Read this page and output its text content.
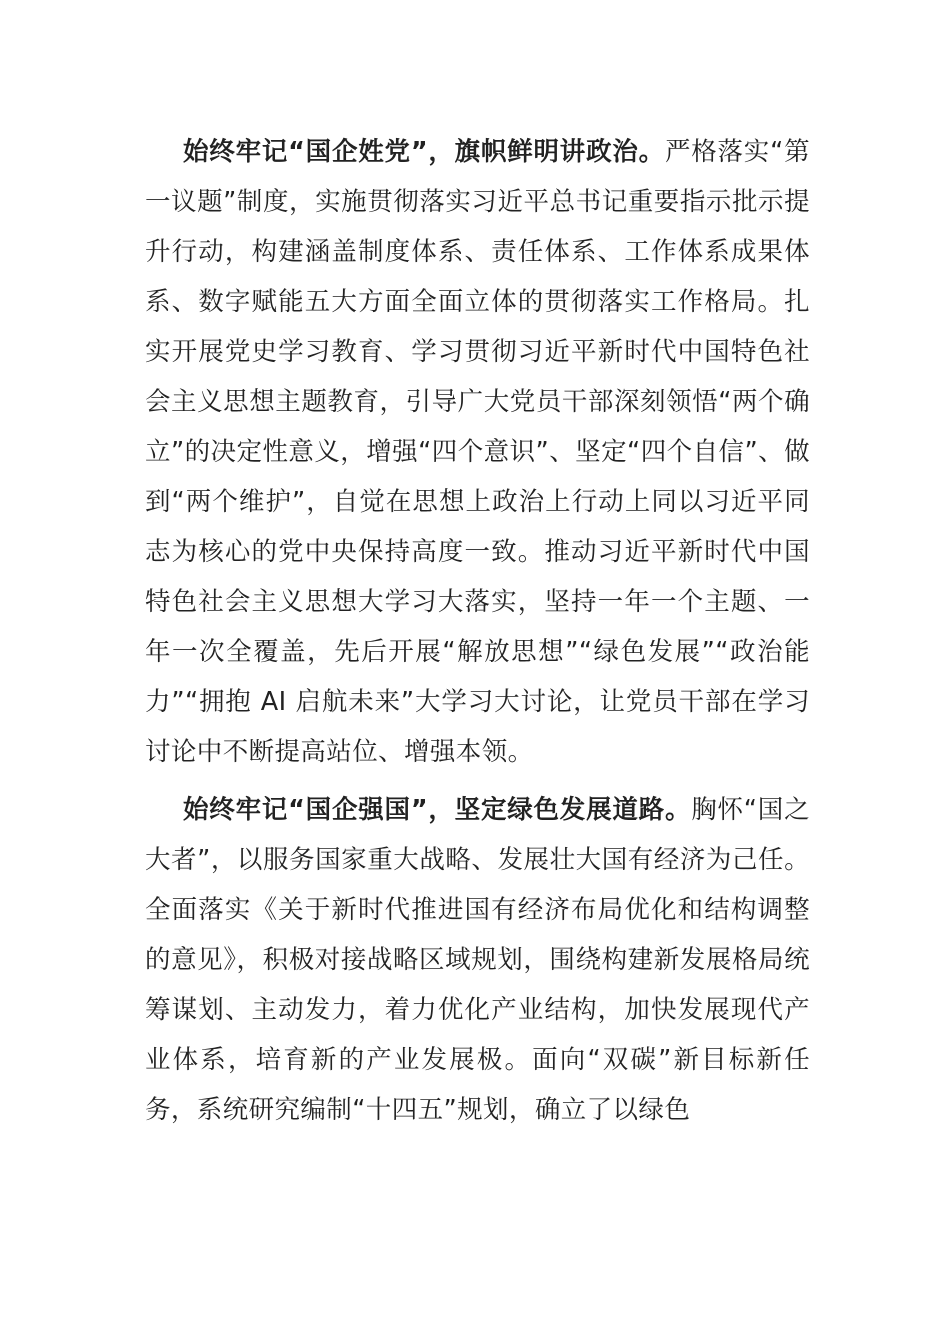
始终牢记“国企姓党”，旗帜鲜明讲政治。严格落实“第一议题”制度，实施贯彻落实习近平总书记重要指示批示提升行动，构建涵盖制度体系、责任体系、工作体系成果体系、数字赋能五大方面全面立体的贯彻落实工作格局。扎实开展党史学习教育、学习贯彻习近平新时代中国特色社会主义思想主题教育，引导广大党员干部深刻领悟“两个确立”的决定性意义，增强“四个意识”、坚定“四个自信”、做到“两个维护”，自觉在思想上政治上行动上同以习近平同志为核心的党中央保持高度一致。推动习近平新时代中国特色社会主义思想大学习大落实，坚持一年一个主题、一年一次全覆盖，先后开展“解放思想”“绿色发展”“政治能力”“拥抱 AI 启航未来”大学习大讨论，让党员干部在学习讨论中不断提高站位、增强本领。

始终牢记“国企强国”，坚定绿色发展道路。胸怀“国之大者”，以服务国家重大战略、发展壮大国有经济为己任。全面落实《关于新时代推进国有经济布局优化和结构调整的意见》，积极对接战略区域规划，围绕构建新发展格局统筹谋划、主动发力，着力优化产业结构，加快发展现代产业体系，培育新的产业发展极。面向“双碳”新目标新任务，系统研究编制“十四五”规划，确立了以绿色
